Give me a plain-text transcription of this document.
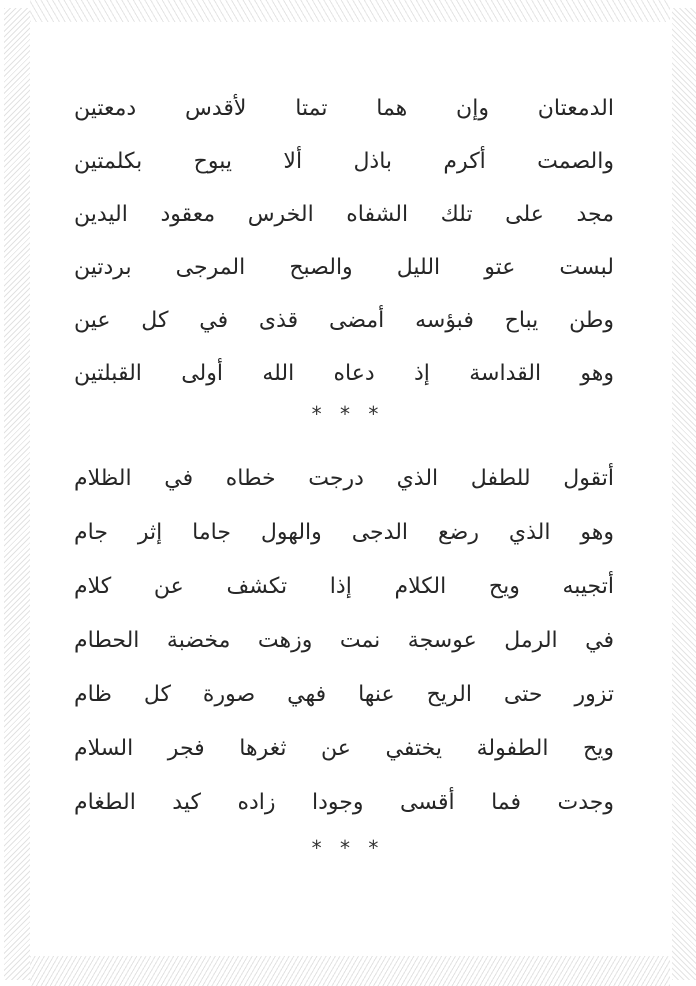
الدمعتان وإن هما تمتا لأقدس دمعتين
والصمت أكرم باذل ألا يبوح بكلمتين
مجد على تلك الشفاه الخرس معقود اليدين
لبست عتو الليل والصبح المرجى بردتين
وطن يباح فبؤسه أمضى قذى في كل عين
وهو القداسة إذ دعاه الله أولى القبلتين
* * *
أتقول للطفل الذي درجت خطاه في الظلام
وهو الذي رضع الدجى والهول جاما إثر جام
أتجيبه ويح الكلام إذا تكشف عن كلام
في الرمل عوسجة نمت وزهت مخضبة الحطام
تزور حتى الريح عنها فهي صورة كل ظام
ويح الطفولة يختفي عن ثغرها فجر السلام
وجدت فما أقسى وجودا زاده كيد الطغام
* * *
